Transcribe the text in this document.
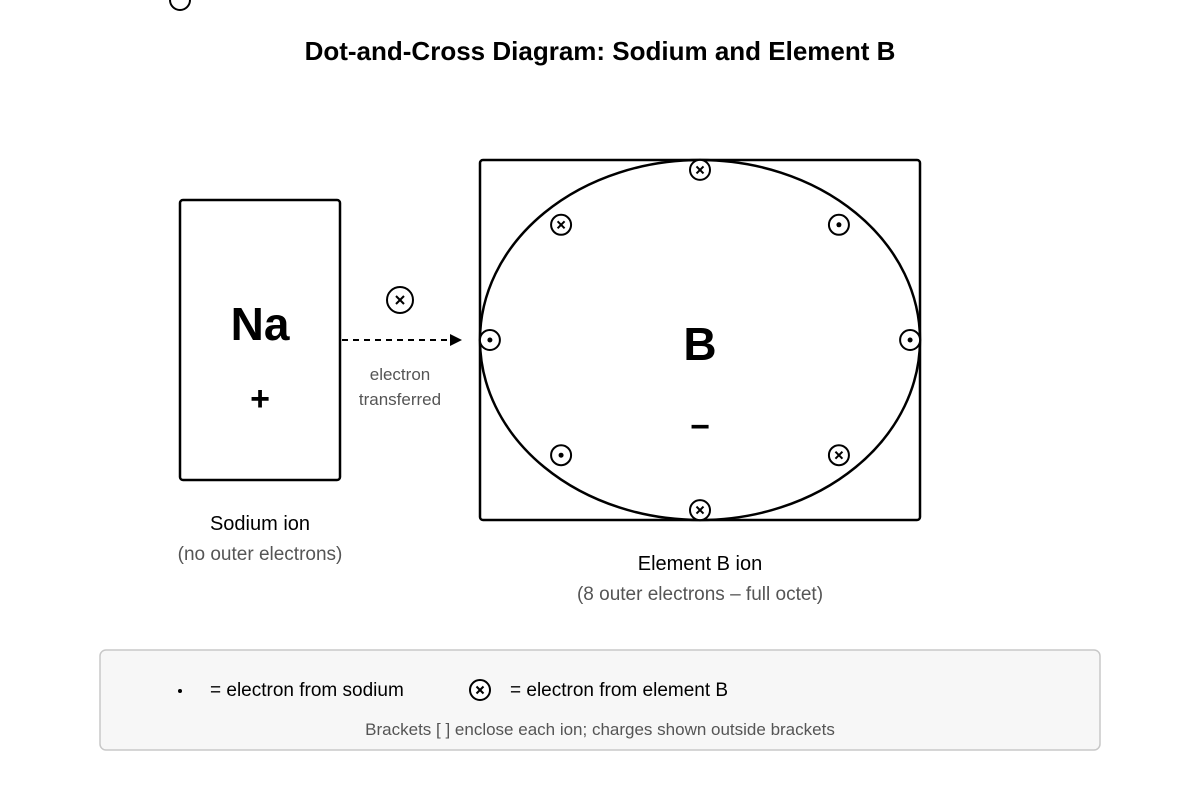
Dot-and-Cross Diagram: Sodium and Element B
Na
+
Sodium ion
(no outer electrons)
electron
transferred
B
−
Element B ion
(8 outer electrons – full octet)
= electron from sodium	= electron from element B
Brackets [ ] enclose each ion; charges shown outside brackets
